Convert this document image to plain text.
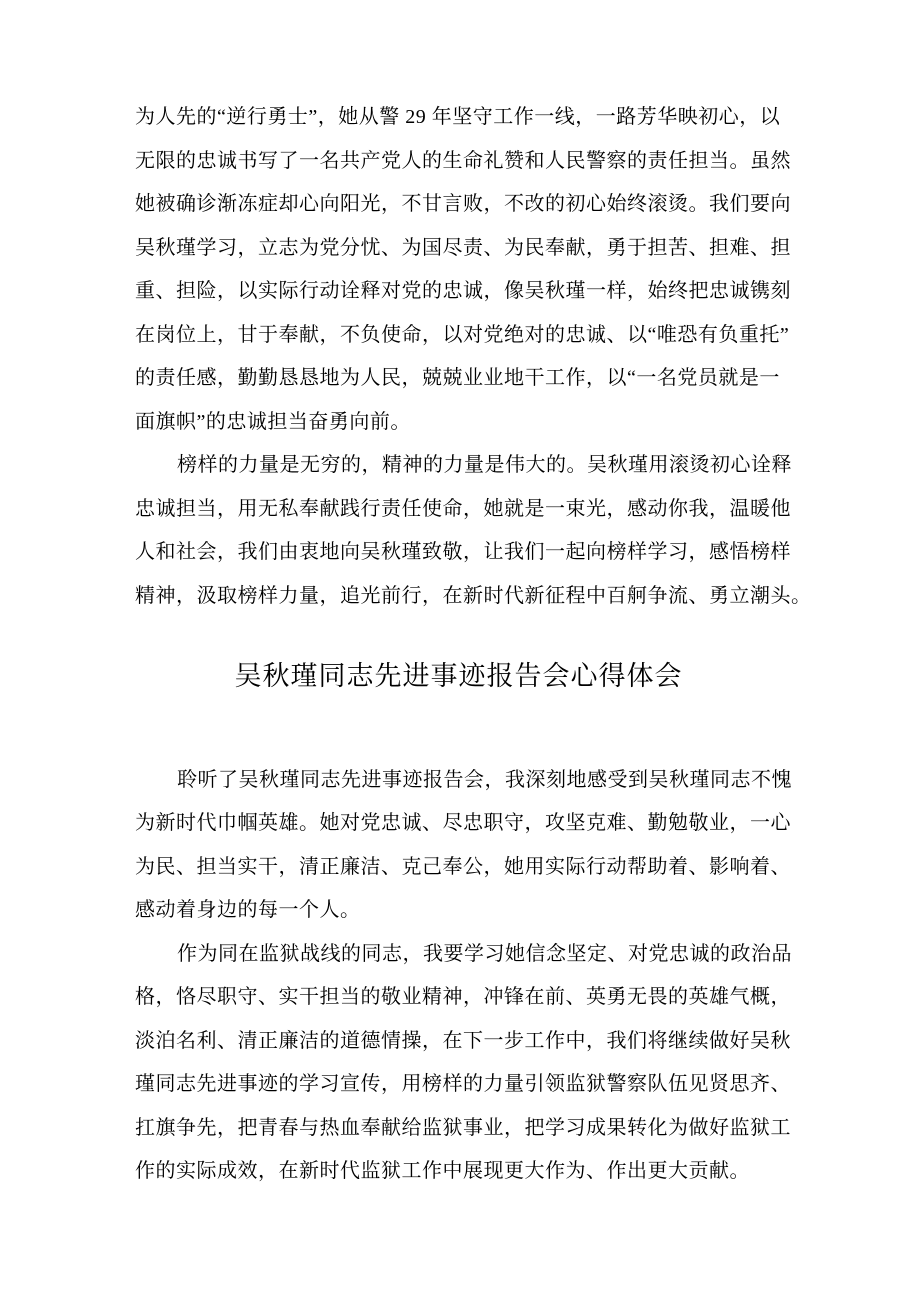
为人先的“逆行勇士”，她从警 29 年坚守工作一线，一路芳华映初心，以
无限的忠诚书写了一名共产党人的生命礼赞和人民警察的责任担当。虽然
她被确诊渐冻症却心向阳光，不甘言败，不改的初心始终滚烫。我们要向
吴秋瑾学习，立志为党分忧、为国尽责、为民奉献，勇于担苦、担难、担
重、担险，以实际行动诠释对党的忠诚，像吴秋瑾一样，始终把忠诚镌刻
在岗位上，甘于奉献，不负使命，以对党绝对的忠诚、以“唯恐有负重托”
的责任感，勤勤恳恳地为人民，兢兢业业地干工作，以“一名党员就是一
面旗帜”的忠诚担当奋勇向前。
榜样的力量是无穷的，精神的力量是伟大的。吴秋瑾用滚烫初心诠释
忠诚担当，用无私奉献践行责任使命，她就是一束光，感动你我，温暖他
人和社会，我们由衷地向吴秋瑾致敬，让我们一起向榜样学习，感悟榜样
精神，汲取榜样力量，追光前行，在新时代新征程中百舸争流、勇立潮头。
吴秋瑾同志先进事迹报告会心得体会
聆听了吴秋瑾同志先进事迹报告会，我深刻地感受到吴秋瑾同志不愧
为新时代巾帼英雄。她对党忠诚、尽忠职守，攻坚克难、勤勉敬业，一心
为民、担当实干，清正廉洁、克己奉公，她用实际行动帮助着、影响着、
感动着身边的每一个人。
作为同在监狱战线的同志，我要学习她信念坚定、对党忠诚的政治品
格，恪尽职守、实干担当的敬业精神，冲锋在前、英勇无畏的英雄气概，
淡泊名利、清正廉洁的道德情操，在下一步工作中，我们将继续做好吴秋
瑾同志先进事迹的学习宣传，用榜样的力量引领监狱警察队伍见贤思齐、
扛旗争先，把青春与热血奉献给监狱事业，把学习成果转化为做好监狱工
作的实际成效，在新时代监狱工作中展现更大作为、作出更大贡献。
